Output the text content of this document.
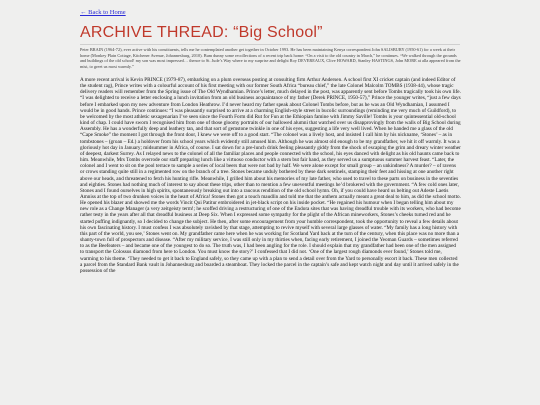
← Back to Home
ARCHIVE THREAD: “Big School”

Peter BRAIN (1964-72), ever active with his constituents, tells me he contemplated another get together in October 1993. He has been maintaining Kenya correspondent John SALISBURY (1950-61) for a week at their home (Monkey Plain Cottage, Kitchener Avenue, Johannesburg, 2010). Bum dunny some recollections of a recent trip back home: “On a visit to the old country in March,” he continues. “We walked through the grounds and buildings of the old school! my son was most impressed… thence to St. Jude’s Way where to my surprise and delight Roy DEVEREAUX, Clive HOWARD, Stanley HASTINGS, John MORE at alla appeared from the mist, to greet us most warmly.”

A more recent arrival is Kevin PRINCE (1979-87), embarking on a plum overseas posting at consulting firm Arthur Andersen. A school first XI cricket captain (and indeed Editor of the student rag), Prince writes with a colourful account of his first meeting with our former South Africa “bureau chief,” the late Colonel Malcolm TOMBS (1938-44), whose tragic delivery readers will remember from the Spring issue of The Old Wyndhamian. Prince’s letter, much delayed in the post, was apparently sent before Tombs tragically took his own life. “I was delighted to receive a letter enclosing a lunch invitation from an old business acquaintance of my father (Derek PRINCE, 1950-57),” Prince the younger writes, “just a few days before I embarked upon my new adventure from London Heathrow. I’d never heard my father speak about Colonel Tombs before, but as he was an Old Wyndhamian, I assumed I would be in good hands. Prince continues: “I was pleasantly surprised to arrive at a charming English-style street in bucolic surroundings (reminding me very much of Guildford), to be welcomed by the most athletic sexagenarian I’ve seen since the Fourth Form did Rut for Fun at the Ethiopian famine with Jimmy Saville! Tombs is your quintessential old-school kind of chap. I could have sworn I recognised him from one of those gloomy portraits of our hallowed alumni that watched over us disapprovingly from the walls of Big School during Assembly. He has a wonderfully deep and leathery tan, and that sort of gemstone twinkle in one of his eyes, suggesting a life very well lived. When he handed me a glass of the old “Cape Smoke” the moment I got through the front door, I knew we were off to a good start. “The colonel was a lively host, and insisted I call him by his nickname, ‘Stones’ – as in tombstones – (groan – Ed.) a holdover from his school years which evidently still amused him. Although he was almost old enough to be my grandfather, we hit it off warmly. It was a gloriously hot day in January; midsummer in Africa, of course. I sat down for a pre-lunch drink feeling pleasantly giddy from the shock of escaping the grim and dreary winter weather of deepest, darkest Surrey. As I relayed news to the colonel of all the familiar places and people connected with the school, his eyes danced with delight as his old haunts came back to him. Meanwhile, Mrs Tombs overrode our staff preparing lunch like a virtuoso conductor with a stern but fair hand, as they served us a sumptuous summer harvest feast. “Later, the colonel and I went to sit on the pool terrace to sample a series of local beers that were not bad by half. We were alone except for small group – an unkindness? A murder? – of ravens or crows standing quite still in a regimented row on the branch of a tree. Stones became unduly bothered by these dark sentinels, stamping their feet and hissing at one another right above our heads, and threatened to fetch his hunting rifle. Meanwhile, I grilled him about his memories of my late father, who used to travel to these parts on business in the seventies and eighties. Stones had nothing much of interest to say about these trips, other than to mention a few uneventful meetings he’d brokered with the government. “A few cold ones later, Stones and I found ourselves in high spirits, spontaneously breaking out into a raucous rendition of the old school hymn. Oh, if you could have heard us belting out Adeste Laetis Amniss at the top of two drunken voices in the heart of Africa! Stones then got a touch maudlin and told me that the anthem actually meant a great deal to him, as did the school motto. He opened his blazer and showed me the words Vincit Qui Patitur embroidered in jet-black script on his inside pocket. “He regained his humour when I began telling him about my new role as a Change Manager (a very zeitgeisty term!; he scoffed driving a restructuring of one of the Endora sites that was having dreadful trouble with its workers, who had become rather testy in the years after all that dreadful business at Deep Six. When I expressed some sympathy for the plight of the African mineworkers, Stones’s cheeks turned red and he started puffing indignantly, so I decided to change the subject. He then, after some encouragement from your humble correspondent, took the opportunity to reveal a few details about his own fascinating history. I must confess I was absolutely ravished by that stage, attempting to revive myself with several large glasses of water. “My family has a long history with this part of the world, you see,’ Stones went on. My grandfather came here when he was working for Scotland Yard back at the turn of the century, when this place was no more than a shanty-town full of prospectors and disease. “After my military service, I was still only in my thirties when, facing early retirement, I joined the Yeoman Guards – sometimes referred to as the Beefeaters – and became one of the youngest to do so. The truth was, I had been angling for the role. I should explain that my grandfather had been one of the men assigned to transport the Colossus diamond from here to London. You must know the story?’ I confessed that I did not. ‘One of the largest rough diamonds ever found,’ Stones told me, warming to his theme. ‘They needed to get it back to England safely, so they came up with a plan to send a detail over from the Yard to personally escort it back. These men collected a parcel from the Standard Bank vault in Johannesburg and boarded a steamboat. They locked the parcel in the captain’s safe and kept watch night and day until it arrived safely in the possession of the
